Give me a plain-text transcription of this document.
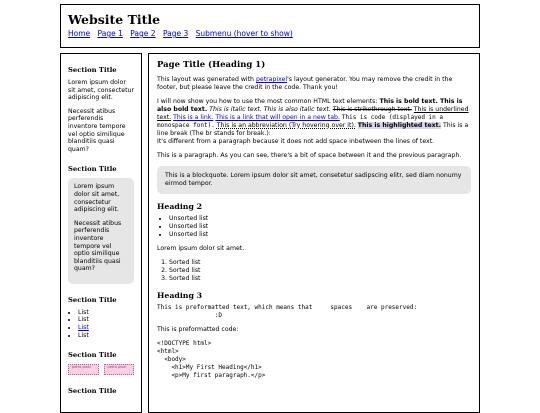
Website Title
Home Page 1 Page 2 Page 3 Submenu (hover to show)
Section Title

Lorem ipsum dolor sit amet, consectetur adipiscing elit.

Necessit atibus perferendis inventore tempore vel optio similique blanditiis quasi quam?

Section Title

Lorem ipsum dolor sit amet, consectetur adipiscing elit.

Necessit atibus perferendis inventore tempore vel optio similique blanditiis quasi quam?

Section Title
• List
• List
• List
• List
Section Title
petra pixel	petra pixel
Section Title
Page Title (Heading 1)

This layout was generated with petrapixel's layout generator. You may remove the credit in the footer, but please leave the credit in the code. Thank you!

I will now show you how to use the most common HTML text elements: This is bold text. This is also bold text. This is italic text. This is also italic text. This is strikethrough text. This is underlined text. This is a link. This is a link that will open in a new tab. This is code (displayed in a monospace font). This is an abbreviation (Try hovering over it). This is highlighted text. This is a line break (The br stands for break.):
It's different from a paragraph because it does not add space inbetween the lines of text.

This is a paragraph. As you can see, there's a bit of space between it and the previous paragraph.

This is a blockquote. Lorem ipsum dolor sit amet, consetetur sadipscing elitr, sed diam nonumy eirmod tempor.
Heading 2
• Unsorted list
• Unsorted list
• Unsorted list

Lorem ipsum dolor sit amet.

1. Sorted list
2. Sorted list
3. Sorted list
Heading 3
This is preformatted text, which means that     spaces    are preserved:
:D

This is preformatted code:

<!DOCTYPE html>
<html>
<body>
<h1>My First Heading</h1>
<p>My first paragraph.</p>
